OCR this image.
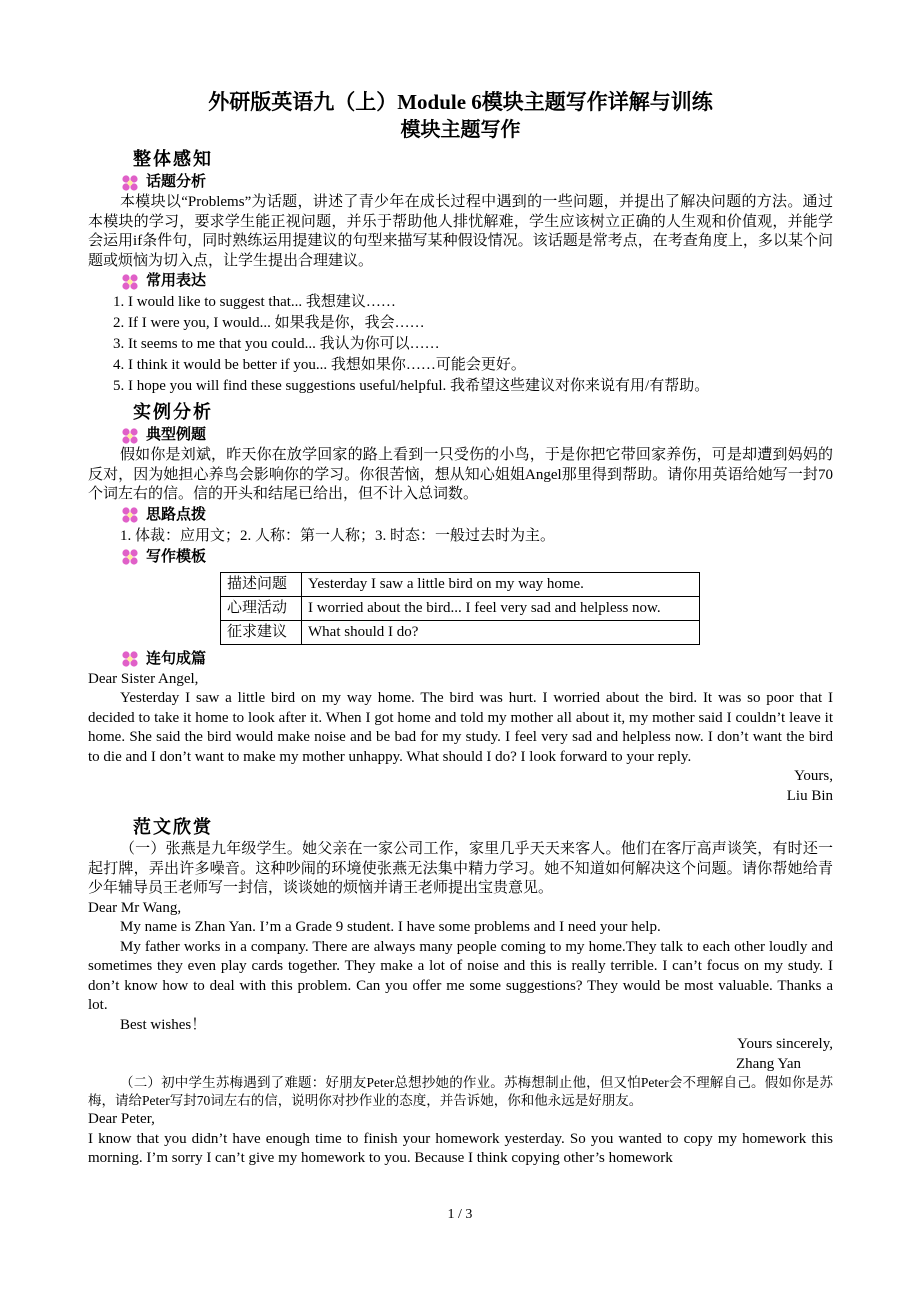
外研版英语九（上）Module 6模块主题写作详解与训练

模块主题写作

整体感知
话题分析

本模块以“Problems”为话题，讲述了青少年在成长过程中遇到的一些问题，并提出了解决问题的方法。通过本模块的学习，要求学生能正视问题，并乐于帮助他人排忧解难，学生应该树立正确的人生观和价值观，并能学会运用if条件句，同时熟练运用提建议的句型来描写某种假设情况。该话题是常考点，在考查角度上，多以某个问题或烦恼为切入点，让学生提出合理建议。

常用表达

1. I would like to suggest that... 我想建议……

2. If I were you, I would... 如果我是你，我会……

3. It seems to me that you could... 我认为你可以……

4. I think it would be better if you... 我想如果你……可能会更好。

5. I hope you will find these suggestions useful/helpful. 我希望这些建议对你来说有用/有帮助。

实例分析
典型例题

假如你是刘斌，昨天你在放学回家的路上看到一只受伤的小鸟，于是你把它带回家养伤，可是却遭到妈妈的反对，因为她担心养鸟会影响你的学习。你很苦恼，想从知心姐姐Angel那里得到帮助。请你用英语给她写一封70个词左右的信。信的开头和结尾已给出，但不计入总词数。

思路点拨

1. 体裁：应用文；2. 人称：第一人称；3. 时态：一般过去时为主。

写作模板
描述问题	Yesterday I saw a little bird on my way home.
心理活动	I worried about the bird... I feel very sad and helpless now.
征求建议	What should I do?
连句成篇

Dear Sister Angel,

Yesterday I saw a little bird on my way home. The bird was hurt. I worried about the bird. It was so poor that I decided to take it home to look after it. When I got home and told my mother all about it, my mother said I couldn’t leave it home. She said the bird would make noise and be bad for my study. I feel very sad and helpless now. I don’t want the bird to die and I don’t want to make my mother unhappy. What should I do? I look forward to your reply.

Yours,

Liu Bin

范文欣赏

（一）张燕是九年级学生。她父亲在一家公司工作，家里几乎天天来客人。他们在客厅高声谈笑，有时还一起打牌，弄出许多噪音。这种吵闹的环境使张燕无法集中精力学习。她不知道如何解决这个问题。请你帮她给青少年辅导员王老师写一封信，谈谈她的烦恼并请王老师提出宝贵意见。

Dear Mr Wang,

My name is Zhan Yan. I’m a Grade 9 student. I have some problems and I need your help.

My father works in a company. There are always many people coming to my home.They talk to each other loudly and sometimes they even play cards together. They make a lot of noise and this is really terrible. I can’t focus on my study. I don’t know how to deal with this problem. Can you offer me some suggestions? They would be most valuable. Thanks a lot.

Best wishes！

Yours sincerely,

Zhang Yan

（二）初中学生苏梅遇到了难题：好朋友Peter总想抄她的作业。苏梅想制止他，但又怕Peter会不理解自己。假如你是苏梅，请给Peter写封70词左右的信，说明你对抄作业的态度，并告诉她，你和他永远是好朋友。

Dear Peter,

I know that you didn’t have enough time to finish your homework yesterday. So you wanted to copy my homework this morning. I’m sorry I can’t give my homework to you. Because I think copying other’s homework

1 / 3
